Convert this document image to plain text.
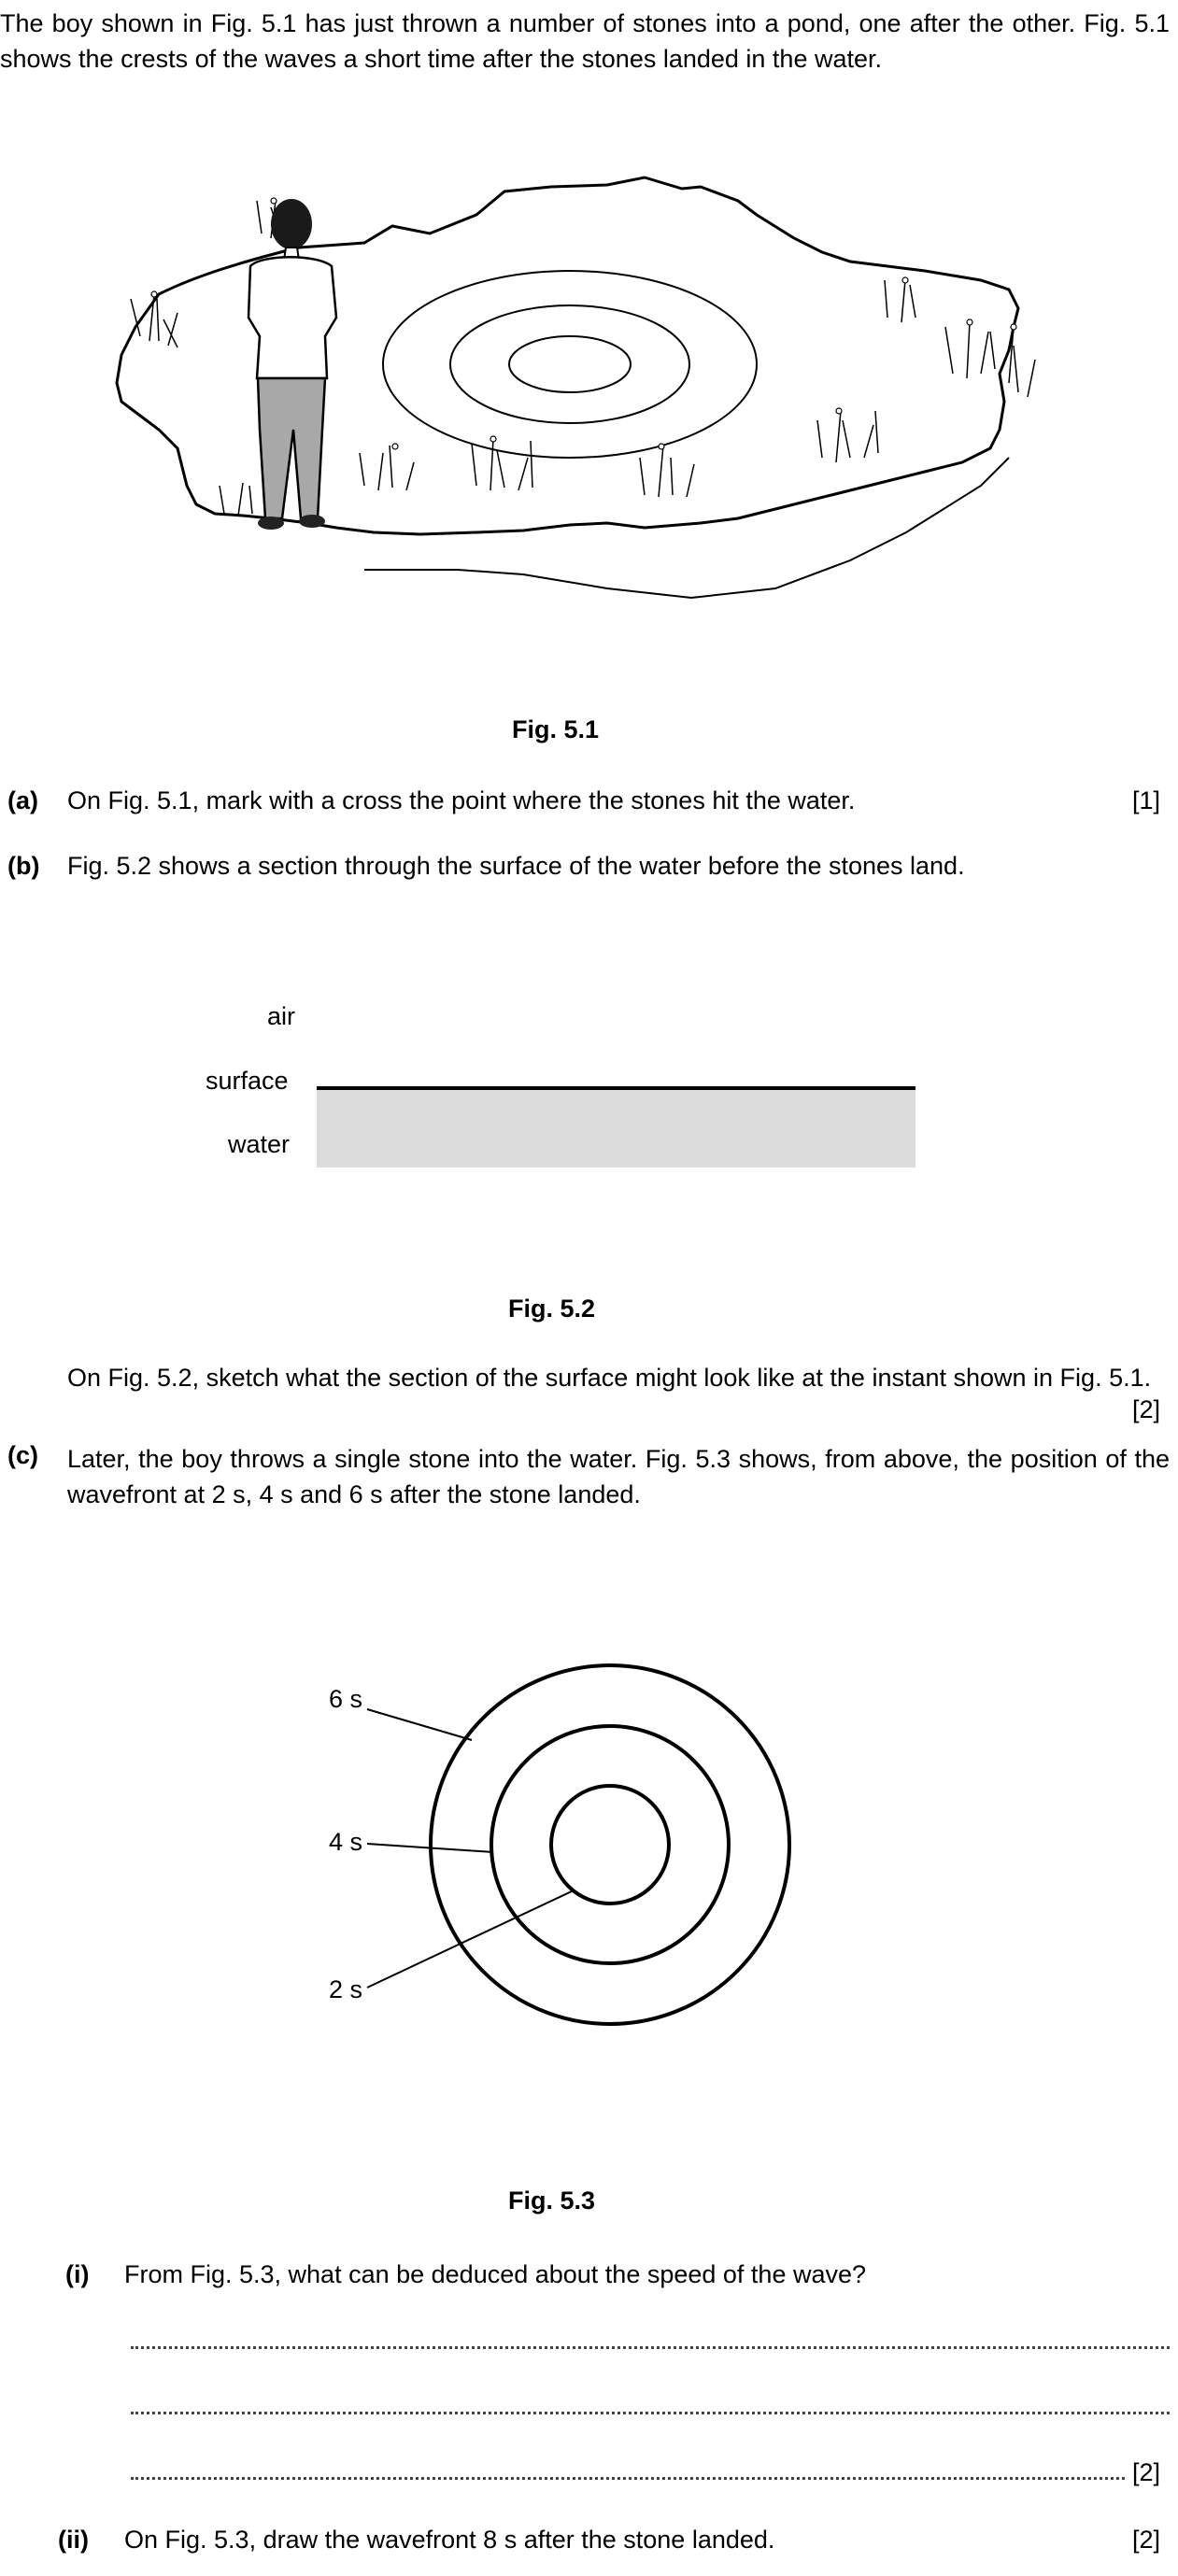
The boy shown in Fig. 5.1 has just thrown a number of stones into a pond, one after the other. Fig. 5.1 shows the crests of the waves a short time after the stones landed in the water.
Fig. 5.1
(a) On Fig. 5.1, mark with a cross the point where the stones hit the water.	[1]
(b) Fig. 5.2 shows a section through the surface of the water before the stones land.
air
surface
water
Fig. 5.2
On Fig. 5.2, sketch what the section of the surface might look like at the instant shown in Fig. 5.1.
[2]
(c) Later, the boy throws a single stone into the water. Fig. 5.3 shows, from above, the position of the wavefront at 2 s, 4 s and 6 s after the stone landed.
6 s
4 s
2 s
Fig. 5.3
(i) From Fig. 5.3, what can be deduced about the speed of the wave?
[2]
(ii) On Fig. 5.3, draw the wavefront 8 s after the stone landed.	[2]
